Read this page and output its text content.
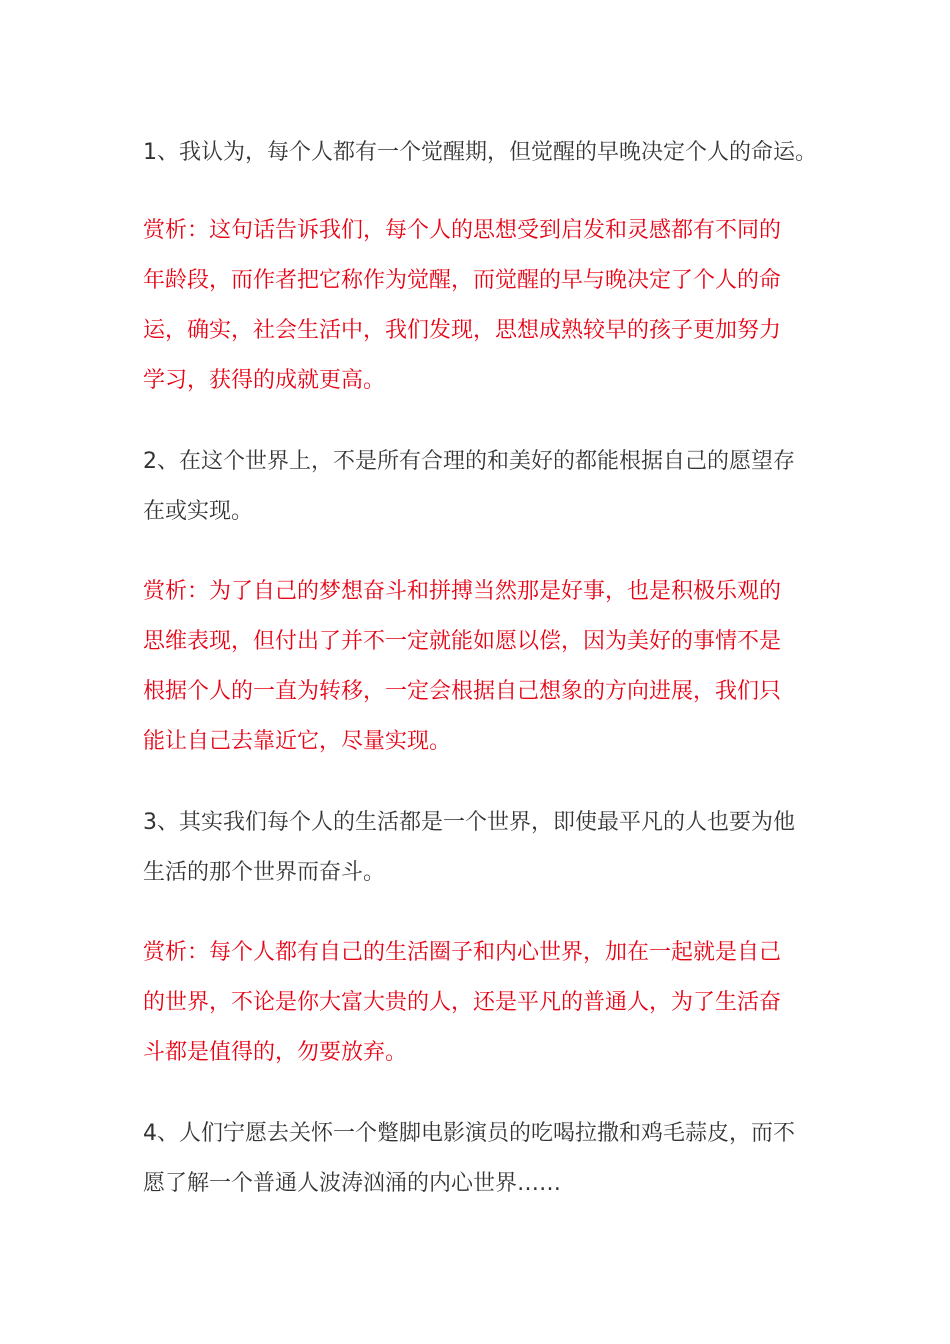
1、我认为，每个人都有一个觉醒期，但觉醒的早晚决定个人的命运。

赏析：这句话告诉我们，每个人的思想受到启发和灵感都有不同的
年龄段，而作者把它称作为觉醒，而觉醒的早与晚决定了个人的命
运，确实，社会生活中，我们发现，思想成熟较早的孩子更加努力
学习，获得的成就更高。

2、在这个世界上，不是所有合理的和美好的都能根据自己的愿望存
在或实现。

赏析：为了自己的梦想奋斗和拼搏当然那是好事，也是积极乐观的
思维表现，但付出了并不一定就能如愿以偿，因为美好的事情不是
根据个人的一直为转移，一定会根据自己想象的方向进展，我们只
能让自己去靠近它，尽量实现。

3、其实我们每个人的生活都是一个世界，即使最平凡的人也要为他
生活的那个世界而奋斗。

赏析：每个人都有自己的生活圈子和内心世界，加在一起就是自己
的世界，不论是你大富大贵的人，还是平凡的普通人，为了生活奋
斗都是值得的，勿要放弃。

4、人们宁愿去关怀一个蹩脚电影演员的吃喝拉撒和鸡毛蒜皮，而不
愿了解一个普通人波涛汹涌的内心世界……
